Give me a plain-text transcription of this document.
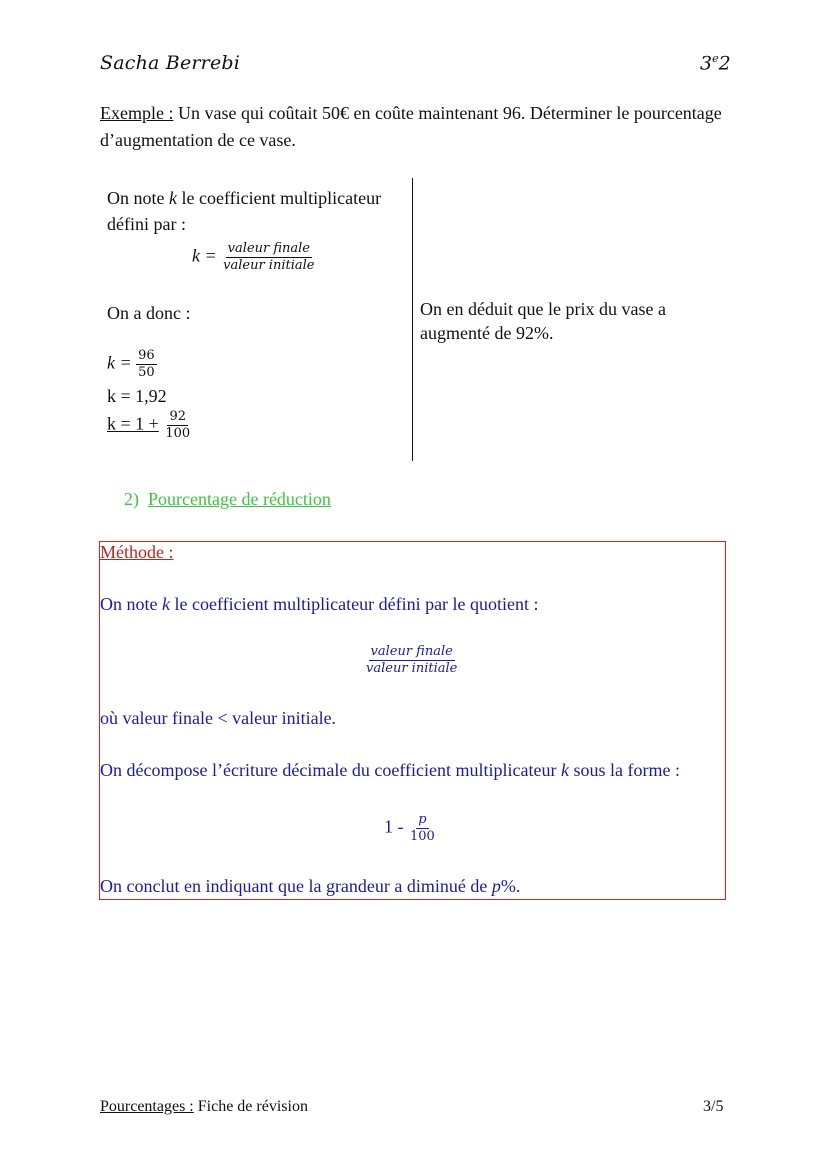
Sacha Berrebi	3e2
Exemple : Un vase qui coûtait 50€ en coûte maintenant 96. Déterminer le pourcentage d’augmentation de ce vase.
On note k le coefficient multiplicateur défini par :
$k = \frac{\text{valeur finale}}{\text{valeur initiale}}$
On a donc :
$k = \frac{96}{50}$
k = 1,92
$k = 1 + \frac{92}{100}$
On en déduit que le prix du vase a augmenté de 92%.
2) Pourcentage de réduction
Méthode :
On note k le coefficient multiplicateur défini par le quotient :
$\frac{\text{valeur finale}}{\text{valeur initiale}}$
où valeur finale < valeur initiale.
On décompose l’écriture décimale du coefficient multiplicateur k sous la forme :
$1 - \frac{p}{100}$
On conclut en indiquant que la grandeur a diminué de p%.
Pourcentages : Fiche de révision	3/5
